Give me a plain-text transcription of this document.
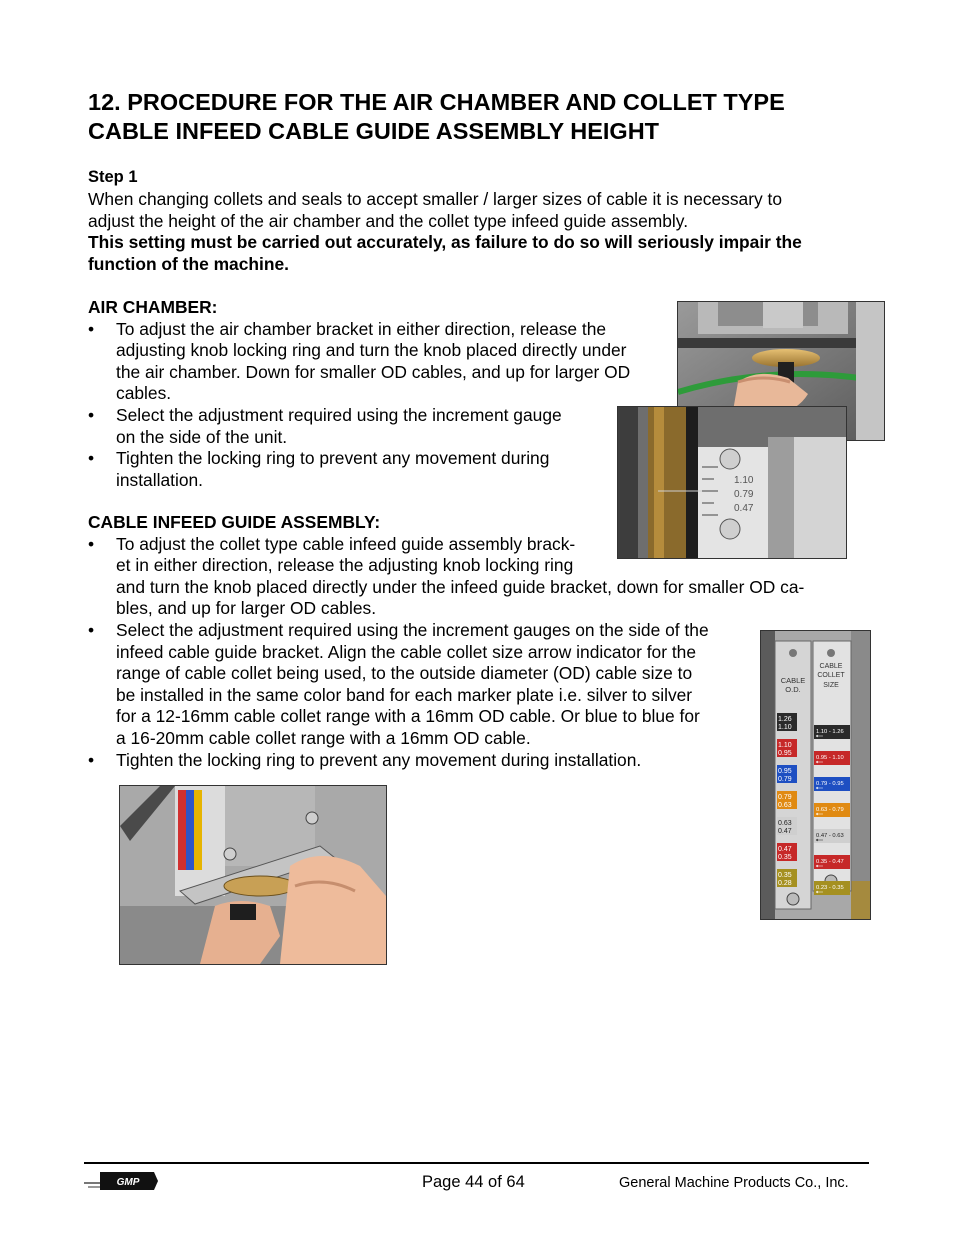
12. PROCEDURE FOR THE AIR CHAMBER AND COLLET TYPE
CABLE INFEED CABLE GUIDE ASSEMBLY HEIGHT
Step 1
When changing collets and seals to accept smaller / larger sizes of cable it is necessary to
adjust the height of the air chamber and the collet type infeed guide assembly.
This setting must be carried out accurately, as failure to do so will seriously impair the
function of the machine.
AIR CHAMBER:
• To adjust the air chamber bracket in either direction, release the
adjusting knob locking ring and turn the knob placed directly under
the air chamber. Down for smaller OD cables, and up for larger OD
cables.
• Select the adjustment required using the increment gauge
on the side of the unit.
• Tighten the locking ring to prevent any movement during
installation.
CABLE INFEED GUIDE ASSEMBLY:
• To adjust the collet type cable infeed guide assembly brack-
et in either direction, release the adjusting knob locking ring
and turn the knob placed directly under the infeed guide bracket, down for smaller OD ca-
bles, and up for larger OD cables.
• Select the adjustment required using the increment gauges on the side of the
infeed cable guide bracket. Align the cable collet size arrow indicator for the
range of cable collet being used, to the outside diameter (OD) cable size to
be installed in the same color band for each marker plate i.e. silver to silver
for a 12-16mm cable collet range with a 16mm OD cable. Or blue to blue for
a 16-20mm cable collet range with a 16mm OD cable.
• Tighten the locking ring to prevent any movement during installation.
1.10
0.79
0.47
CABLE
O.D.
CABLE
COLLET
SIZE
1.26
1.10
1.10
0.95
0.95
0.79
0.79
0.63
0.63
0.47
0.47
0.35
0.35
0.28
1.10 - 1.26
0.95 - 1.10
0.79 - 0.95
0.63 - 0.79
0.47 - 0.63
0.35 - 0.47
0.23 - 0.35
GMP	Page 44 of 64	General Machine Products Co., Inc.
